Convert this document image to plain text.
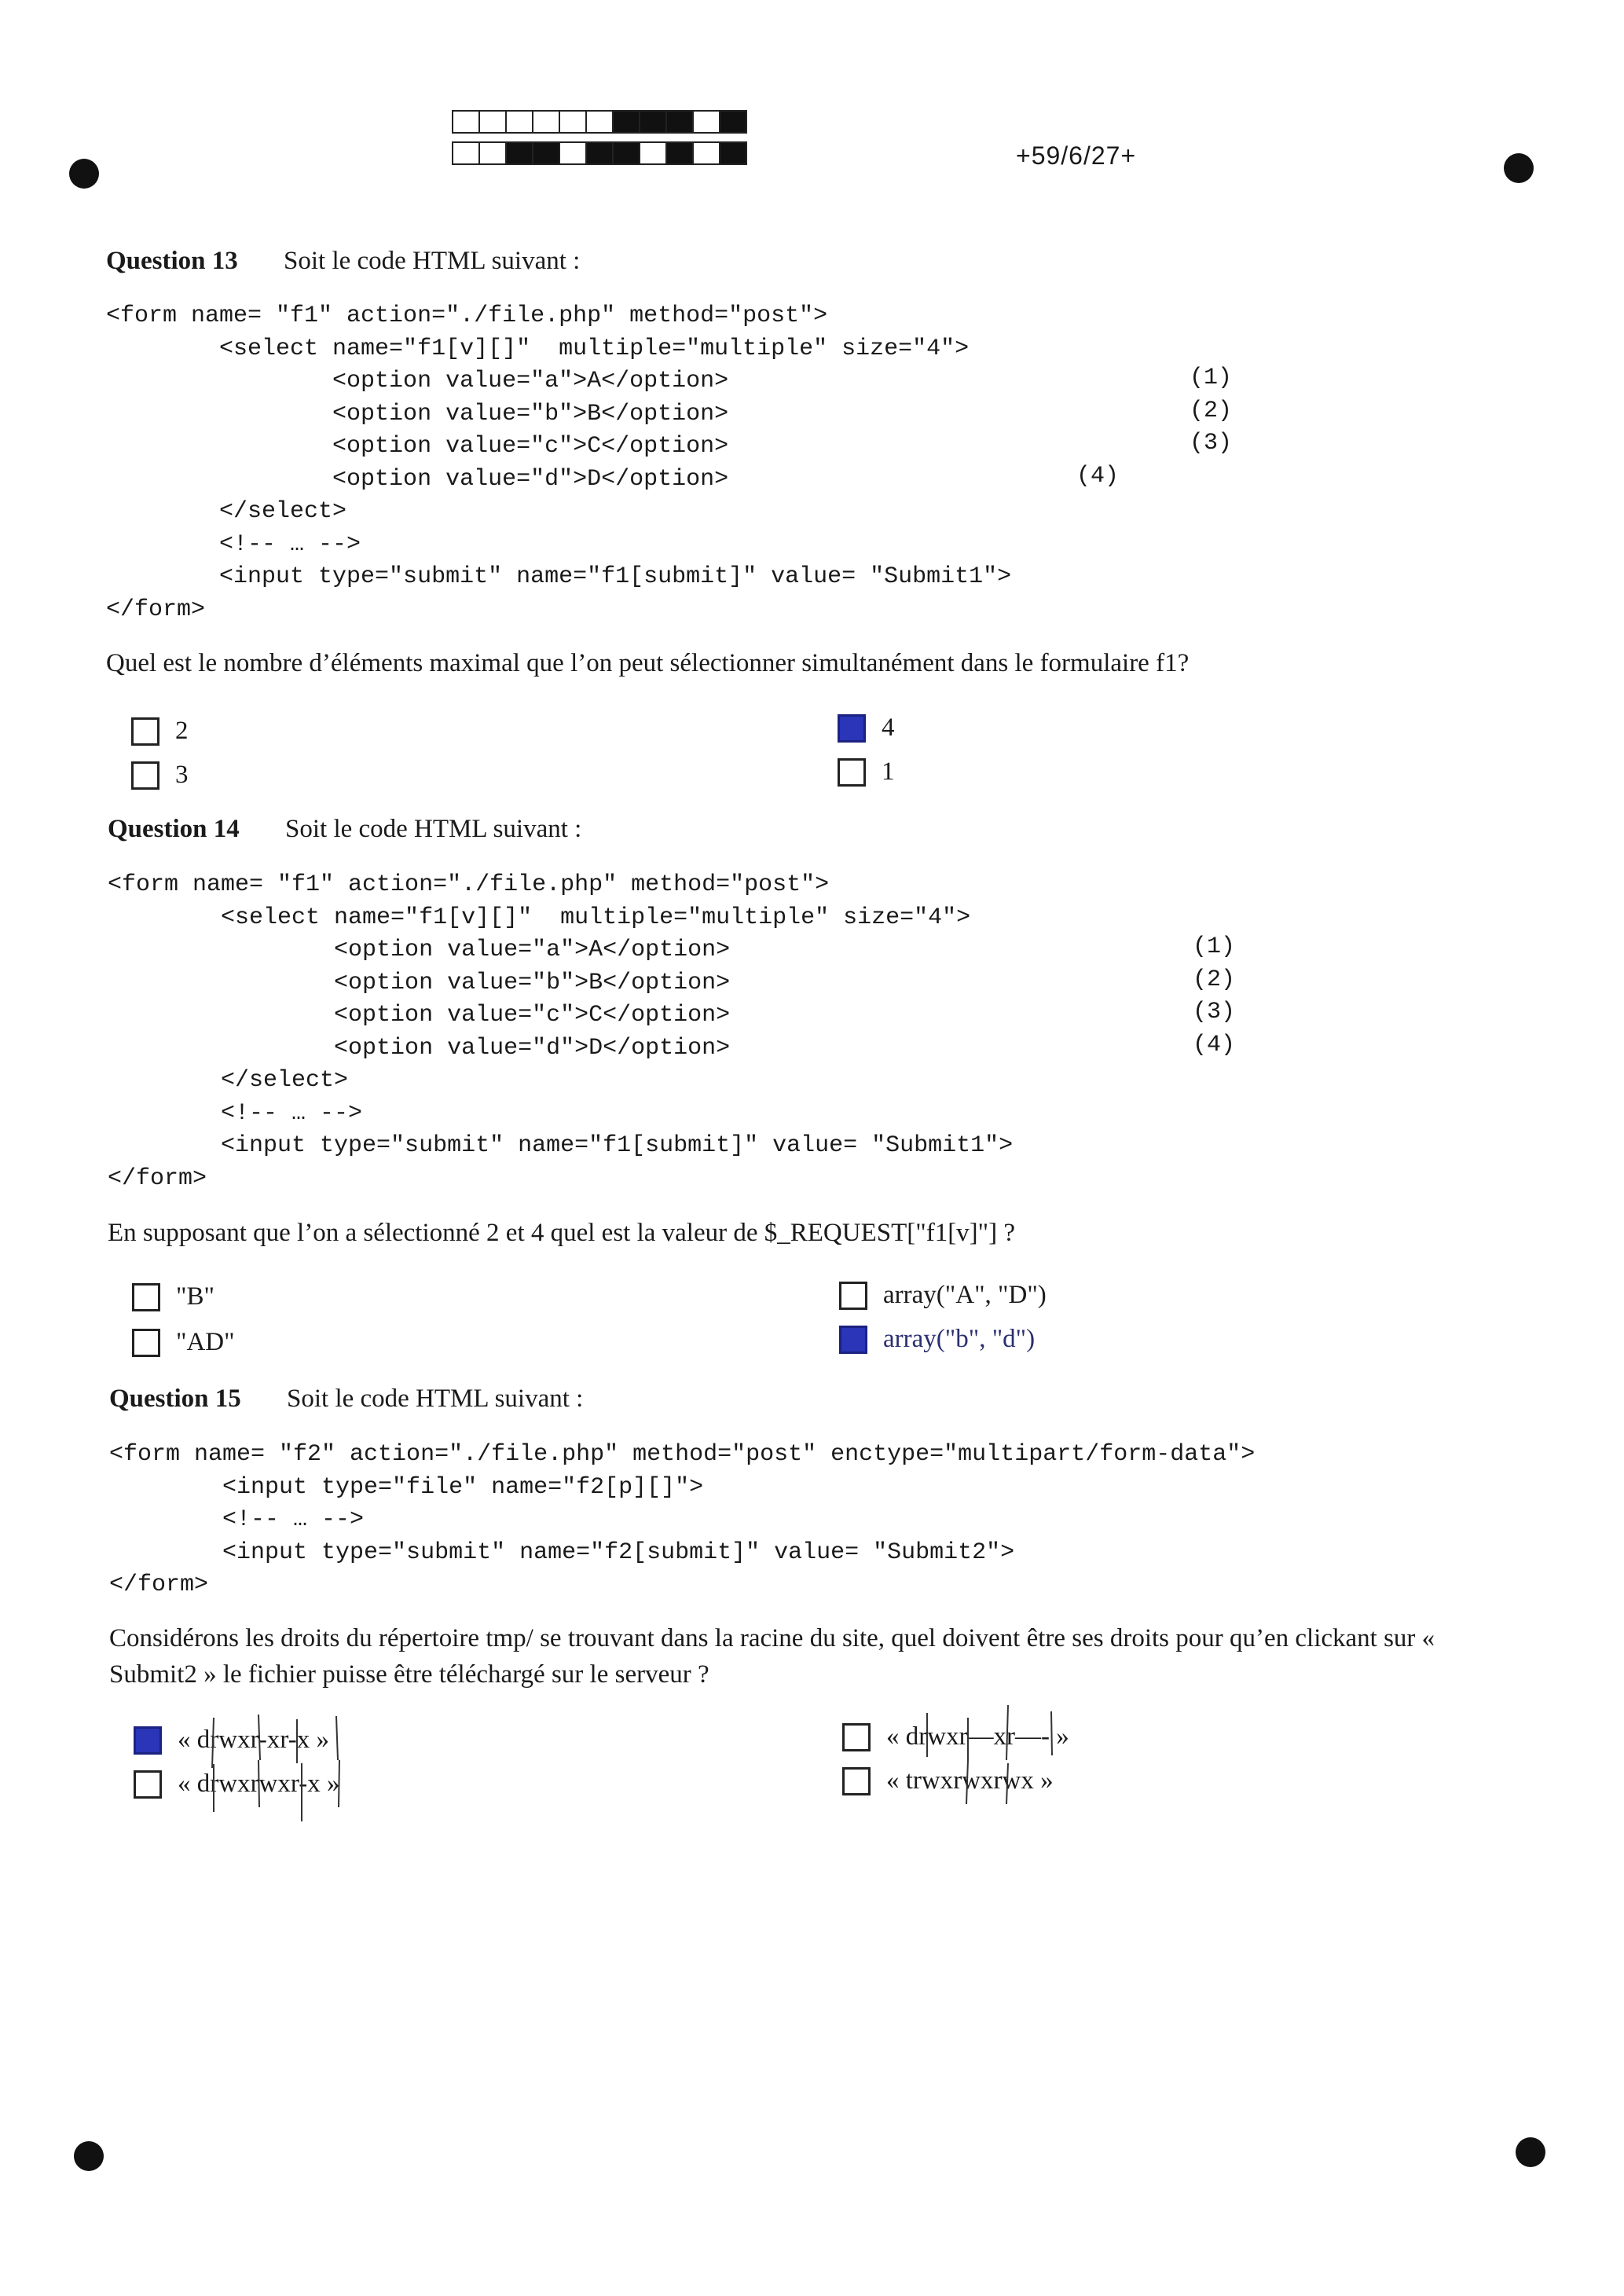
+59/6/27+
Question 13 Soit le code HTML suivant :
<form name= "f1" action="./file.php" method="post">
<select name="f1[v][]"  multiple="multiple" size="4">
<option value="a">A</option>
<option value="b">B</option>
<option value="c">C</option>
<option value="d">D</option>
</select>
<!-- … -->
<input type="submit" name="f1[submit]" value= "Submit1">
</form>
(1)
(2)
(3)
(4)
Quel est le nombre d’éléments maximal que l’on peut sélectionner simultanément dans le formulaire f1?
2
3
4
1
Question 14 Soit le code HTML suivant :
<form name= "f1" action="./file.php" method="post">
<select name="f1[v][]"  multiple="multiple" size="4">
<option value="a">A</option>
<option value="b">B</option>
<option value="c">C</option>
<option value="d">D</option>
</select>
<!-- … -->
<input type="submit" name="f1[submit]" value= "Submit1">
</form>
(1)
(2)
(3)
(4)
En supposant que l’on a sélectionné 2 et 4 quel est la valeur de $_REQUEST["f1[v]"] ?
"B"
"AD"
array("A", "D")
array("b", "d")
Question 15 Soit le code HTML suivant :
<form name= "f2" action="./file.php" method="post" enctype="multipart/form-data">
<input type="file" name="f2[p][]">
<!-- … -->
<input type="submit" name="f2[submit]" value= "Submit2">
</form>
Considérons les droits du répertoire tmp/ se trouvant dans la racine du site, quel doivent être ses droits pour qu’en clickant sur « Submit2 » le fichier puisse être téléchargé sur le serveur ?
« drwxr-xr-x »
« drwxrwxr-x »
« drwxr—xr—- »
« trwxrwxrwx »
